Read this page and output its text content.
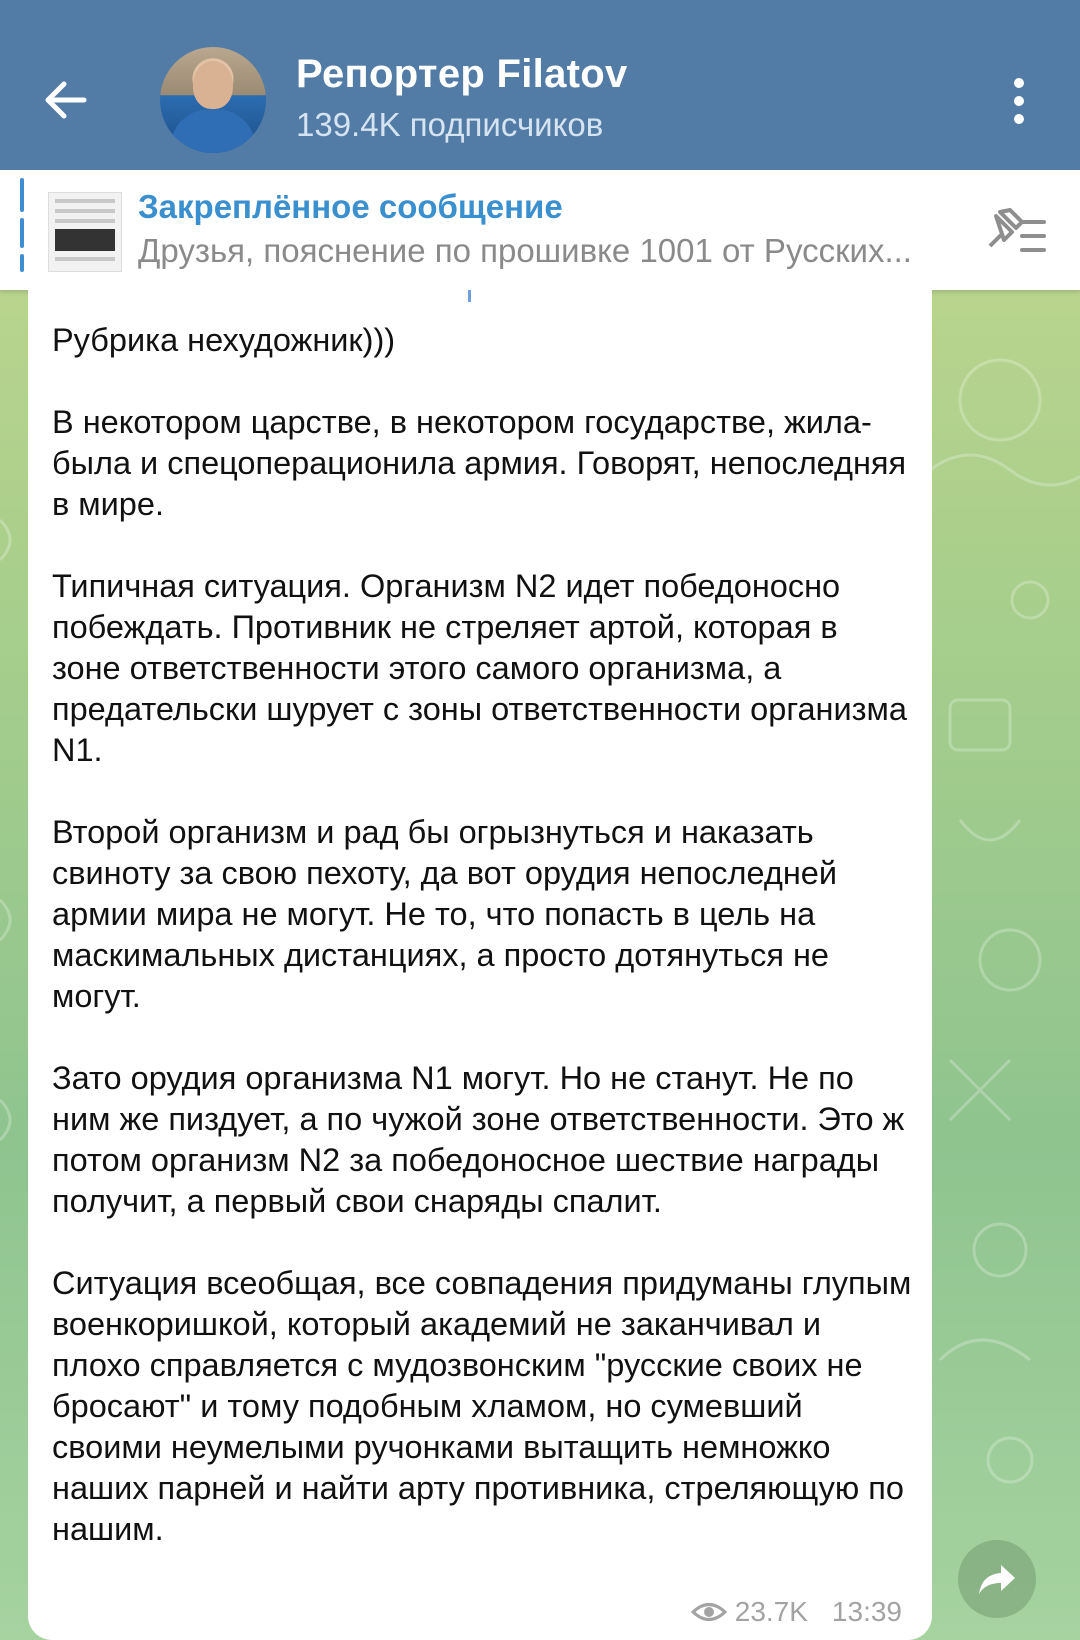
Репортер Filatov
139.4K подписчиков
Закреплённое сообщение
Друзья, пояснение по прошивке 1001 от Русских...

Рубрика нехудожник)))

В некотором царстве, в некотором государстве, жила-была и спецоперационила армия. Говорят, непоследняя в мире.

Типичная ситуация. Организм N2 идет победоносно побеждать. Противник не стреляет артой, которая в зоне ответственности этого самого организма, а предательски шурует с зоны ответственности организма N1.

Второй организм и рад бы огрызнуться и наказать свиноту за свою пехоту, да вот орудия непоследней армии мира не могут. Не то, что попасть в цель на маскимальных дистанциях, а просто дотянуться не могут.

Зато орудия организма N1 могут. Но не станут. Не по ним же пиздует, а по чужой зоне ответственности. Это ж потом организм N2 за победоносное шествие награды получит, а первый свои снаряды спалит.

Ситуация всеобщая, все совпадения придуманы глупым военкоришкой, который академий не заканчивал и плохо справляется с мудозвонским "русские своих не бросают" и тому подобным хламом, но сумевший своими неумелыми ручонками вытащить немножко наших парней и найти арту противника, стреляющую по нашим.

23.7K 13:39
